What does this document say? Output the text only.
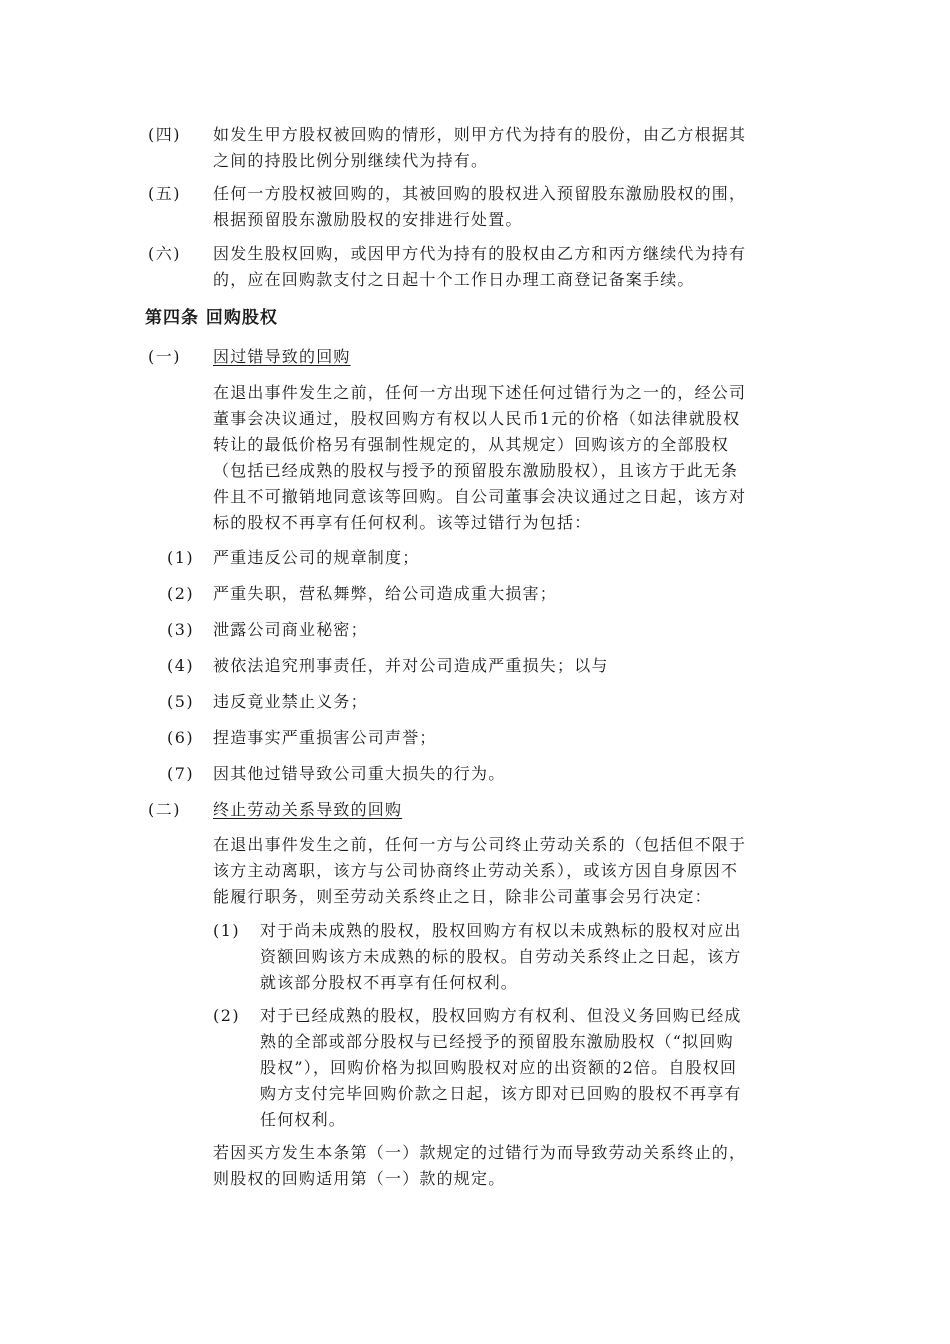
(四) 如发生甲方股权被回购的情形，则甲方代为持有的股份，由乙方根据其
之间的持股比例分别继续代为持有。
(五) 任何一方股权被回购的，其被回购的股权进入预留股东激励股权的围，
根据预留股东激励股权的安排进行处置。
(六) 因发生股权回购，或因甲方代为持有的股权由乙方和丙方继续代为持有
的，应在回购款支付之日起十个工作日办理工商登记备案手续。
第四条 回购股权
(一) 因过错导致的回购
在退出事件发生之前，任何一方出现下述任何过错行为之一的，经公司
董事会决议通过，股权回购方有权以人民币1元的价格（如法律就股权
转让的最低价格另有强制性规定的，从其规定）回购该方的全部股权
（包括已经成熟的股权与授予的预留股东激励股权），且该方于此无条
件且不可撤销地同意该等回购。自公司董事会决议通过之日起，该方对
标的股权不再享有任何权利。该等过错行为包括：
(1) 严重违反公司的规章制度；
(2) 严重失职，营私舞弊，给公司造成重大损害；
(3) 泄露公司商业秘密；
(4) 被依法追究刑事责任，并对公司造成严重损失；以与
(5) 违反竟业禁止义务；
(6) 捏造事实严重损害公司声誉；
(7) 因其他过错导致公司重大损失的行为。
(二) 终止劳动关系导致的回购
在退出事件发生之前，任何一方与公司终止劳动关系的（包括但不限于
该方主动离职，该方与公司协商终止劳动关系），或该方因自身原因不
能履行职务，则至劳动关系终止之日，除非公司董事会另行决定：
(1) 对于尚未成熟的股权，股权回购方有权以未成熟标的股权对应出
资额回购该方未成熟的标的股权。自劳动关系终止之日起，该方
就该部分股权不再享有任何权利。
(2) 对于已经成熟的股权，股权回购方有权利、但没义务回购已经成
熟的全部或部分股权与已经授予的预留股东激励股权（“拟回购
股权”），回购价格为拟回购股权对应的出资额的2倍。自股权回
购方支付完毕回购价款之日起，该方即对已回购的股权不再享有
任何权利。
若因买方发生本条第（一）款规定的过错行为而导致劳动关系终止的，
则股权的回购适用第（一）款的规定。
